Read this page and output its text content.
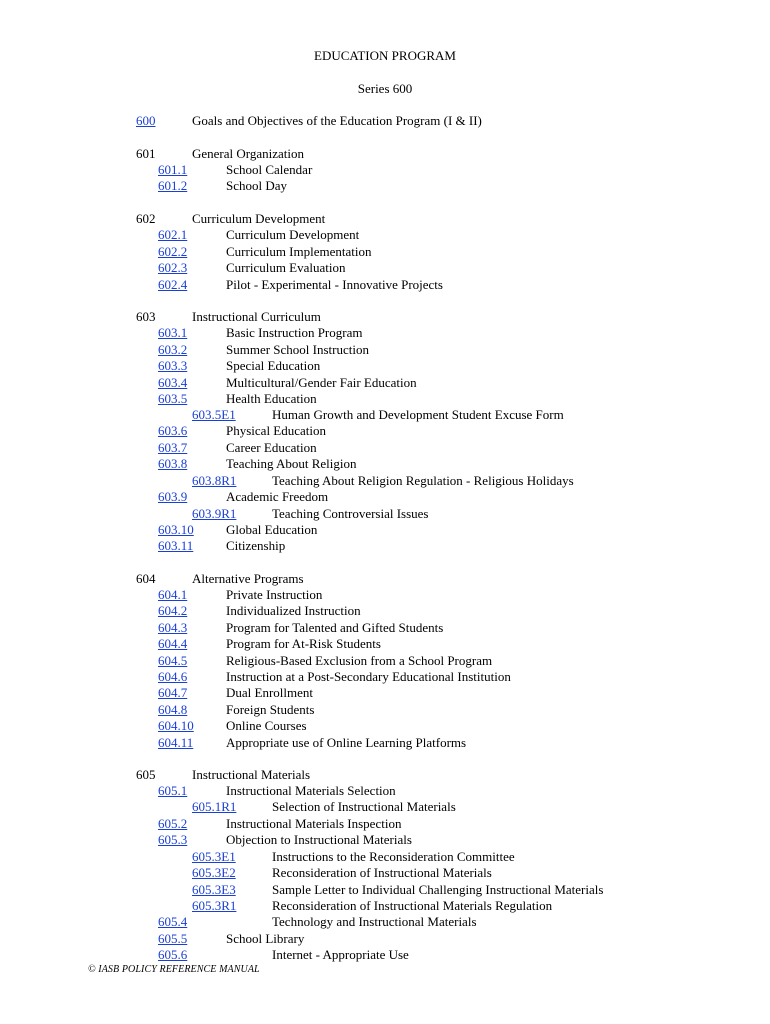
EDUCATION PROGRAM
Series 600
600	Goals and Objectives of the Education Program (I & II)
601	General Organization
601.1	School Calendar
601.2	School Day
602	Curriculum Development
602.1	Curriculum Development
602.2	Curriculum Implementation
602.3	Curriculum Evaluation
602.4	Pilot - Experimental - Innovative Projects
603	Instructional Curriculum
603.1	Basic Instruction Program
603.2	Summer School Instruction
603.3	Special Education
603.4	Multicultural/Gender Fair Education
603.5	Health Education
603.5E1	Human Growth and Development Student Excuse Form
603.6	Physical Education
603.7	Career Education
603.8	Teaching About Religion
603.8R1	Teaching About Religion Regulation - Religious Holidays
603.9	Academic Freedom
603.9R1	Teaching Controversial Issues
603.10 Global Education
603.11	Citizenship
604	Alternative Programs
604.1	Private Instruction
604.2	Individualized Instruction
604.3	Program for Talented and Gifted Students
604.4	Program for At-Risk Students
604.5	Religious-Based Exclusion from a School Program
604.6	Instruction at a Post-Secondary Educational Institution
604.7	Dual Enrollment
604.8	Foreign Students
604.10 Online Courses
604.11	Appropriate use of Online Learning Platforms
605	Instructional Materials
605.1	Instructional Materials Selection
605.1R1	Selection of Instructional Materials
605.2	Instructional Materials Inspection
605.3	Objection to Instructional Materials
605.3E1	Instructions to the Reconsideration Committee
605.3E2	Reconsideration of Instructional Materials
605.3E3	Sample Letter to Individual Challenging Instructional Materials
605.3R1	Reconsideration of Instructional Materials Regulation
605.4	Technology and Instructional Materials
605.5	School Library
605.6	Internet - Appropriate Use
© IASB POLICY REFERENCE MANUAL
